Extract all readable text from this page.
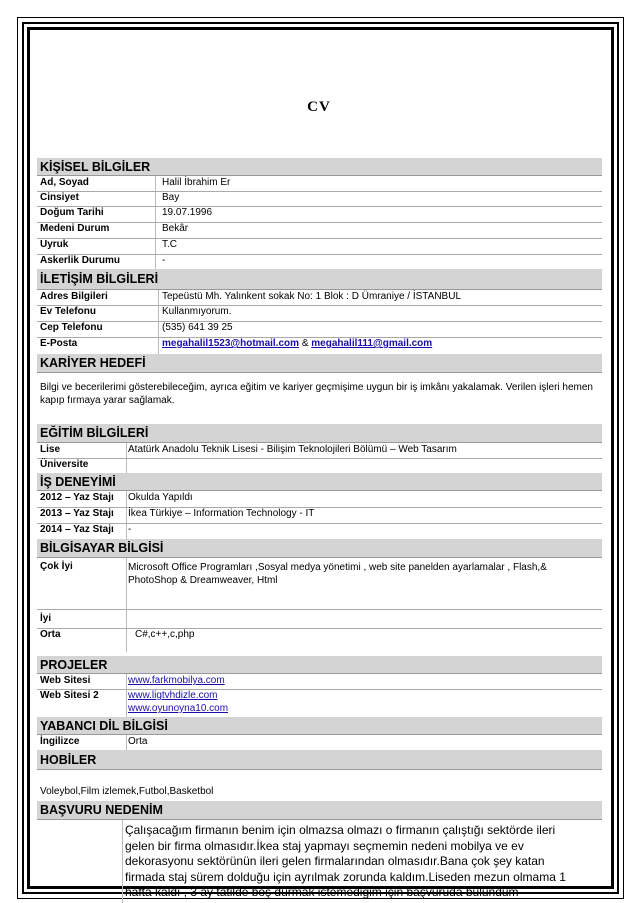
CV
KİŞİSEL BİLGİLER
Ad, Soyad	Halil İbrahim Er
Cinsiyet	Bay
Doğum Tarihi	19.07.1996
Medeni Durum	Bekâr
Uyruk	T.C
Askerlik Durumu	-
İLETİŞİM BİLGİLERİ
Adres Bilgileri	Tepeüstü Mh. Yalınkent sokak No: 1 Blok : D Ümraniye / İSTANBUL
Ev Telefonu	Kullanmıyorum.
Cep Telefonu	(535) 641 39 25
E-Posta	megahalil1523@hotmail.com & megahalil111@gmail.com
KARİYER HEDEFİ
Bilgi ve becerilerimi gösterebileceğim, ayrıca eğitim ve kariyer geçmişime uygun bir iş imkânı yakalamak. Verilen işleri hemen kapıp fırmaya yarar sağlamak.
EĞİTİM BİLGİLERİ
Lise	Atatürk Anadolu Teknik Lisesi - Bilişim Teknolojileri Bölümü – Web Tasarım
Üniversite
İŞ DENEYİMİ
2012 – Yaz Stajı Okulda Yapıldı
2013 – Yaz Stajı İkea Türkiye – Information Technology - IT
2014 – Yaz Stajı -
BİLGİSAYAR BİLGİSİ
Çok İyi	Microsoft Office Programları ,Sosyal medya yönetimi , web site panelden ayarlamalar , Flash,& PhotoShop & Dreamweaver, Html
İyi
Orta	C#,c++,c,php
PROJELER
Web Sitesi	www.farkmobilya.com
Web Sitesi 2	www.ligtvhdizle.com
www.oyunoyna10.com
YABANCI DİL BİLGİSİ
İngilizce	Orta
HOBİLER
Voleybol,Film izlemek,Futbol,Basketbol
BAŞVURU NEDENİM
Çalışacağım firmanın benim için olmazsa olmazı o firmanın çalıştığı sektörde ileri
gelen bir firma olmasıdır.İkea staj yapmayı seçmemin nedeni mobilya ve ev
dekorasyonu sektörünün ileri gelen firmalarından olmasıdır.Bana çok şey katan
firmada staj sürem dolduğu için ayrılmak zorunda kaldım.Liseden mezun olmama 1
hafta kaldı , 3 ay tatilde boş durmak istemediğim için başvuruda bulundum
